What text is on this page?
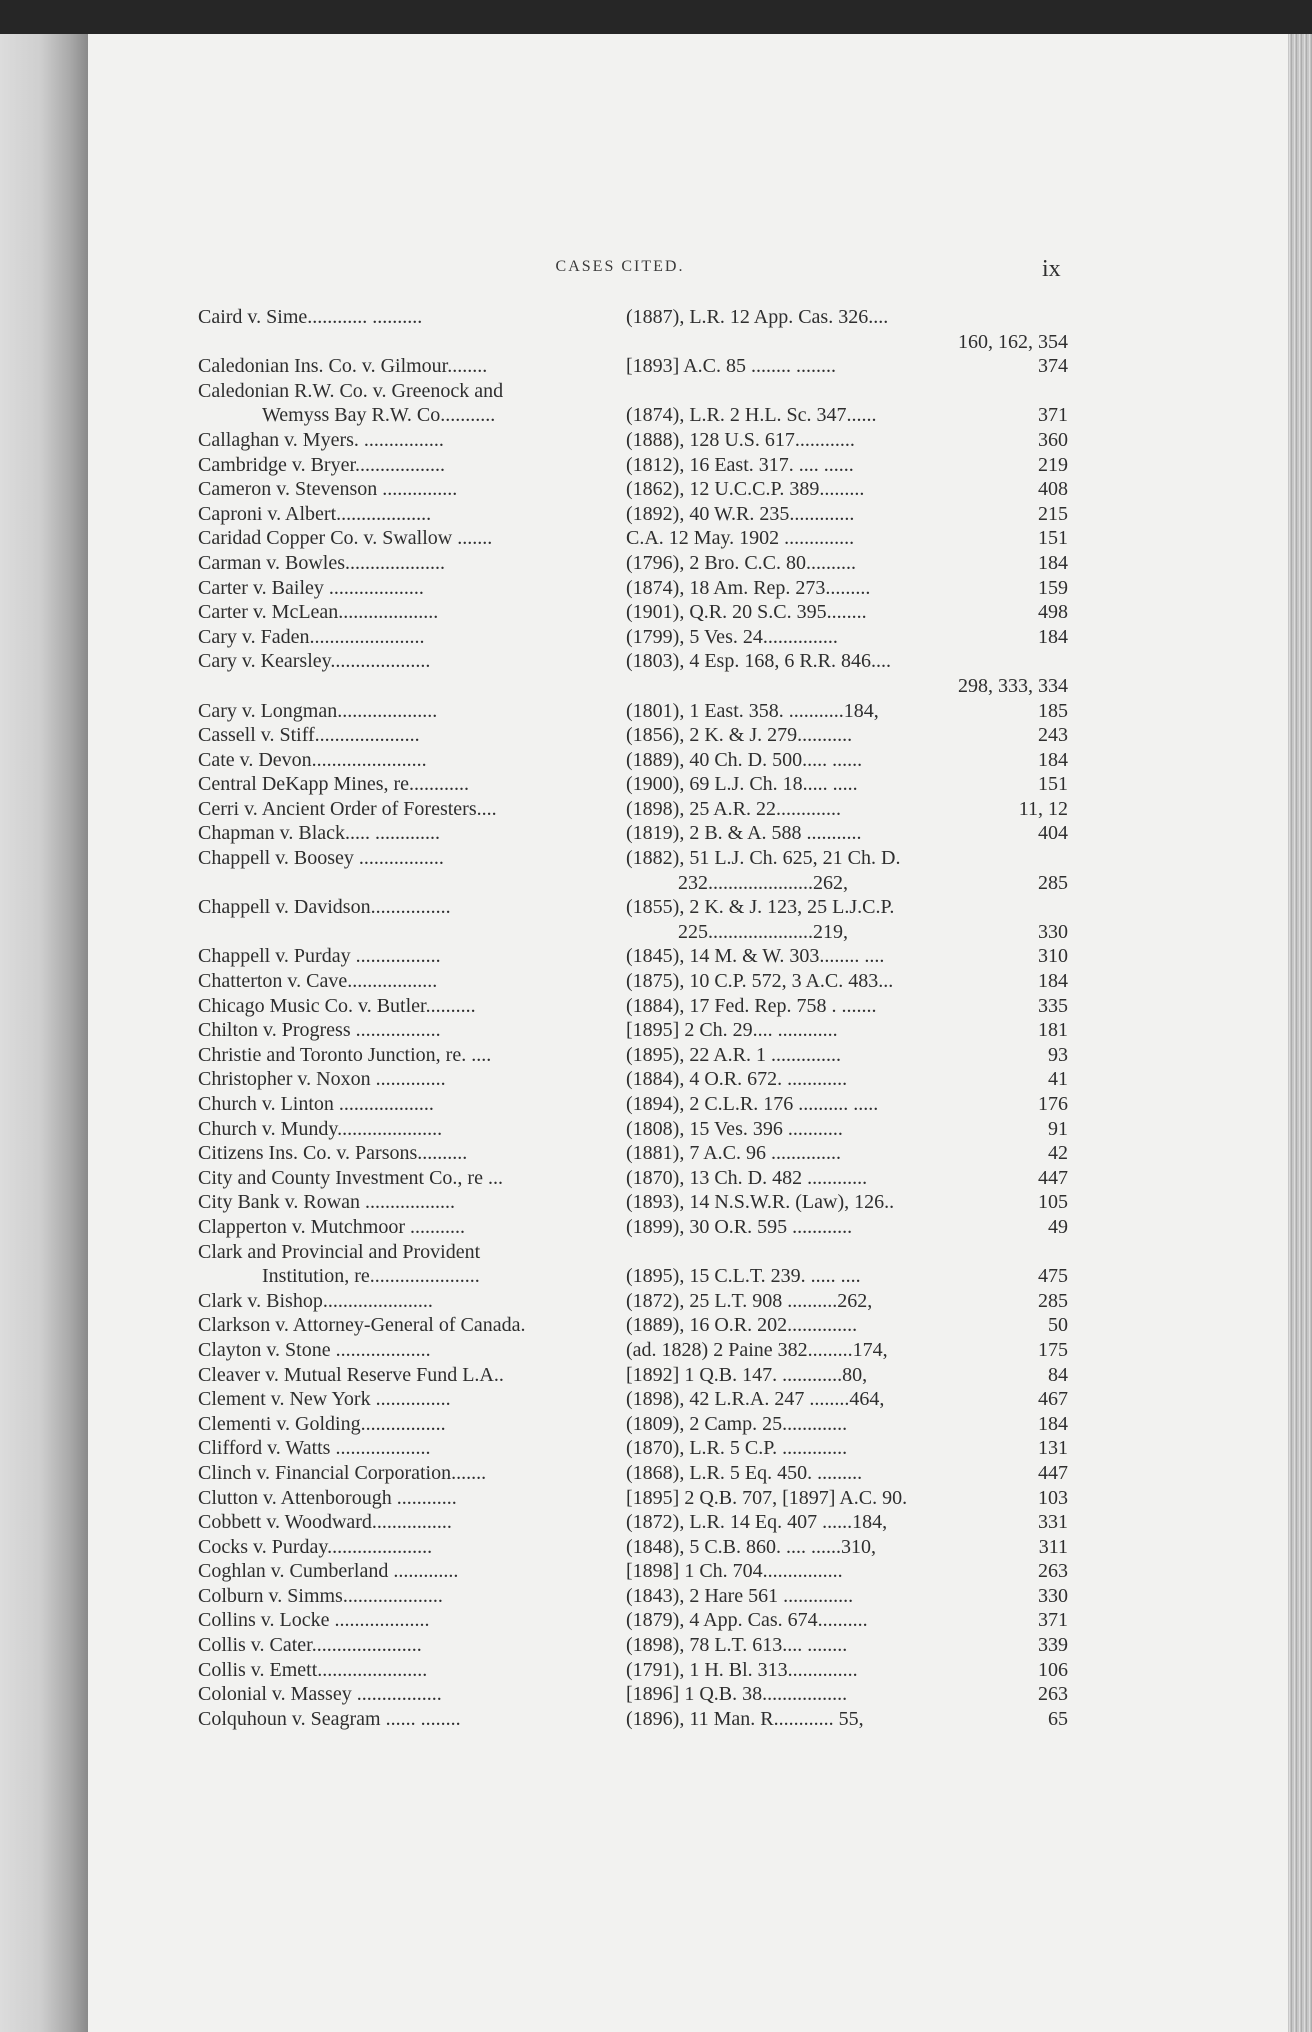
CASES CITED.	ix
Caird v. Sime............ ..........	(1887), L.R. 12 App. Cas. 326....
160, 162, 354
Caledonian Ins. Co. v. Gilmour........	[1893] A.C. 85 ........ ........	374
Caledonian R.W. Co. v. Greenock and
Wemyss Bay R.W. Co...........	(1874), L.R. 2 H.L. Sc. 347......	371
Callaghan v. Myers. ................	(1888), 128 U.S. 617............	360
Cambridge v. Bryer..................	(1812), 16 East. 317. .... ......	219
Cameron v. Stevenson ...............	(1862), 12 U.C.C.P. 389.........	408
Caproni v. Albert...................	(1892), 40 W.R. 235.............	215
Caridad Copper Co. v. Swallow .......	C.A. 12 May. 1902 ..............	151
Carman v. Bowles....................	(1796), 2 Bro. C.C. 80..........	184
Carter v. Bailey ...................	(1874), 18 Am. Rep. 273.........	159
Carter v. McLean....................	(1901), Q.R. 20 S.C. 395........	498
Cary v. Faden.......................	(1799), 5 Ves. 24...............	184
Cary v. Kearsley....................	(1803), 4 Esp. 168, 6 R.R. 846....
298, 333, 334
Cary v. Longman....................	(1801), 1 East. 358. ...........184,	185
Cassell v. Stiff.....................	(1856), 2 K. & J. 279...........	243
Cate v. Devon.......................	(1889), 40 Ch. D. 500..... ......	184
Central DeKapp Mines, re............	(1900), 69 L.J. Ch. 18..... .....	151
Cerri v. Ancient Order of Foresters....	(1898), 25 A.R. 22.............	11, 12
Chapman v. Black..... .............	(1819), 2 B. & A. 588 ...........	404
Chappell v. Boosey .................	(1882), 51 L.J. Ch. 625, 21 Ch. D.
232.....................262,	285
Chappell v. Davidson................	(1855), 2 K. & J. 123, 25 L.J.C.P.
225.....................219,	330
Chappell v. Purday .................	(1845), 14 M. & W. 303........ ....	310
Chatterton v. Cave..................	(1875), 10 C.P. 572, 3 A.C. 483...	184
Chicago Music Co. v. Butler..........	(1884), 17 Fed. Rep. 758 . .......	335
Chilton v. Progress .................	[1895] 2 Ch. 29.... ............	181
Christie and Toronto Junction, re. ....	(1895), 22 A.R. 1 ..............	93
Christopher v. Noxon ..............	(1884), 4 O.R. 672. ............	41
Church v. Linton ...................	(1894), 2 C.L.R. 176 .......... .....	176
Church v. Mundy.....................	(1808), 15 Ves. 396 ...........	91
Citizens Ins. Co. v. Parsons..........	(1881), 7 A.C. 96 ..............	42
City and County Investment Co., re ...	(1870), 13 Ch. D. 482 ............	447
City Bank v. Rowan ..................	(1893), 14 N.S.W.R. (Law), 126..	105
Clapperton v. Mutchmoor ...........	(1899), 30 O.R. 595 ............	49
Clark and Provincial and Provident
Institution, re......................	(1895), 15 C.L.T. 239. ..... ....	475
Clark v. Bishop......................	(1872), 25 L.T. 908 ..........262,	285
Clarkson v. Attorney-General of Canada.	(1889), 16 O.R. 202..............	50
Clayton v. Stone ...................	(ad. 1828) 2 Paine 382.........174,	175
Cleaver v. Mutual Reserve Fund L.A..	[1892] 1 Q.B. 147. ............80,	84
Clement v. New York ...............	(1898), 42 L.R.A. 247 ........464,	467
Clementi v. Golding.................	(1809), 2 Camp. 25.............	184
Clifford v. Watts ...................	(1870), L.R. 5 C.P. .............	131
Clinch v. Financial Corporation.......	(1868), L.R. 5 Eq. 450. .........	447
Clutton v. Attenborough ............	[1895] 2 Q.B. 707, [1897] A.C. 90.	103
Cobbett v. Woodward................	(1872), L.R. 14 Eq. 407 ......184,	331
Cocks v. Purday.....................	(1848), 5 C.B. 860. .... ......310,	311
Coghlan v. Cumberland .............	[1898] 1 Ch. 704................	263
Colburn v. Simms....................	(1843), 2 Hare 561 ..............	330
Collins v. Locke ...................	(1879), 4 App. Cas. 674..........	371
Collis v. Cater......................	(1898), 78 L.T. 613.... ........	339
Collis v. Emett......................	(1791), 1 H. Bl. 313..............	106
Colonial v. Massey .................	[1896] 1 Q.B. 38.................	263
Colquhoun v. Seagram ...... ........	(1896), 11 Man. R............ 55,	65
